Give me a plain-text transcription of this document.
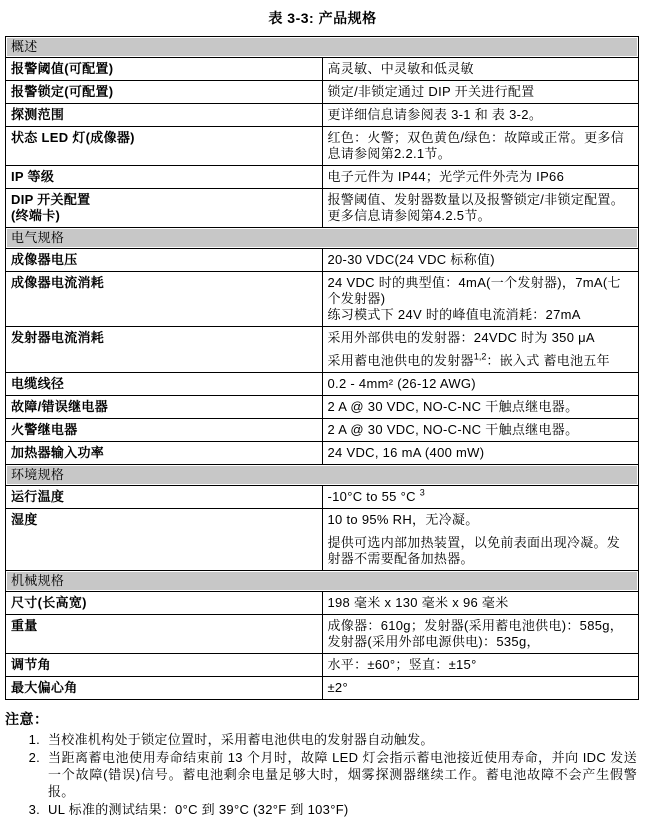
表 3-3: 产品规格
概述	

报警阈值(可配置)	高灵敏、中灵敏和低灵敏

报警锁定(可配置)	锁定/非锁定通过 DIP 开关进行配置

探测范围	更详细信息请参阅表 3-1 和 表 3-2。

状态 LED 灯(成像器)	红色：火警；双色黄色/绿色：故障或正常。更多信息请参阅第2.2.1节。

IP 等级	电子元件为 IP44；光学元件外壳为 IP66

DIP 开关配置
(终端卡)	报警阈值、发射器数量以及报警锁定/非锁定配置。更多信息请参阅第4.2.5节。

电气规格	

成像器电压	20-30 VDC(24 VDC 标称值)

成像器电流消耗	24 VDC 时的典型值：4mA(一个发射器)，7mA(七个发射器)
练习模式下 24V 时的峰值电流消耗：27mA

发射器电流消耗	采用外部供电的发射器：24VDC 时为 350 μA
采用蓄电池供电的发射器$^{1,2}$：嵌入式 蓄电池五年

电缆线径	0.2 - 4mm² (26-12 AWG)

故障/错误继电器	2 A @ 30 VDC, NO-C-NC 干触点继电器。

火警继电器	2 A @ 30 VDC, NO-C-NC 干触点继电器。

加热器输入功率	24 VDC, 16 mA (400 mW)

环境规格	

运行温度	-10°C to 55 °C $^3$

湿度	10 to 95% RH，无冷凝。
提供可选内部加热装置，以免前表面出现冷凝。发射器不需要配备加热器。

机械规格	

尺寸(长高宽)	198 毫米 x 130 毫米 x 96 毫米

重量	成像器：610g；发射器(采用蓄电池供电)：585g，
发射器(采用外部电源供电)：535g，

调节角	水平：±60°；竖直：±15°

最大偏心角	±2°
注意：
1. 当校准机构处于锁定位置时，采用蓄电池供电的发射器自动触发。
2. 当距离蓄电池使用寿命结束前 13 个月时，故障 LED 灯会指示蓄电池接近使用寿命，并向 IDC 发送一个故障(错误)信号。蓄电池剩余电量足够大时，烟雾探测器继续工作。蓄电池故障不会产生假警报。
3. UL 标准的测试结果：0°C 到 39°C (32°F 到 103°F)
